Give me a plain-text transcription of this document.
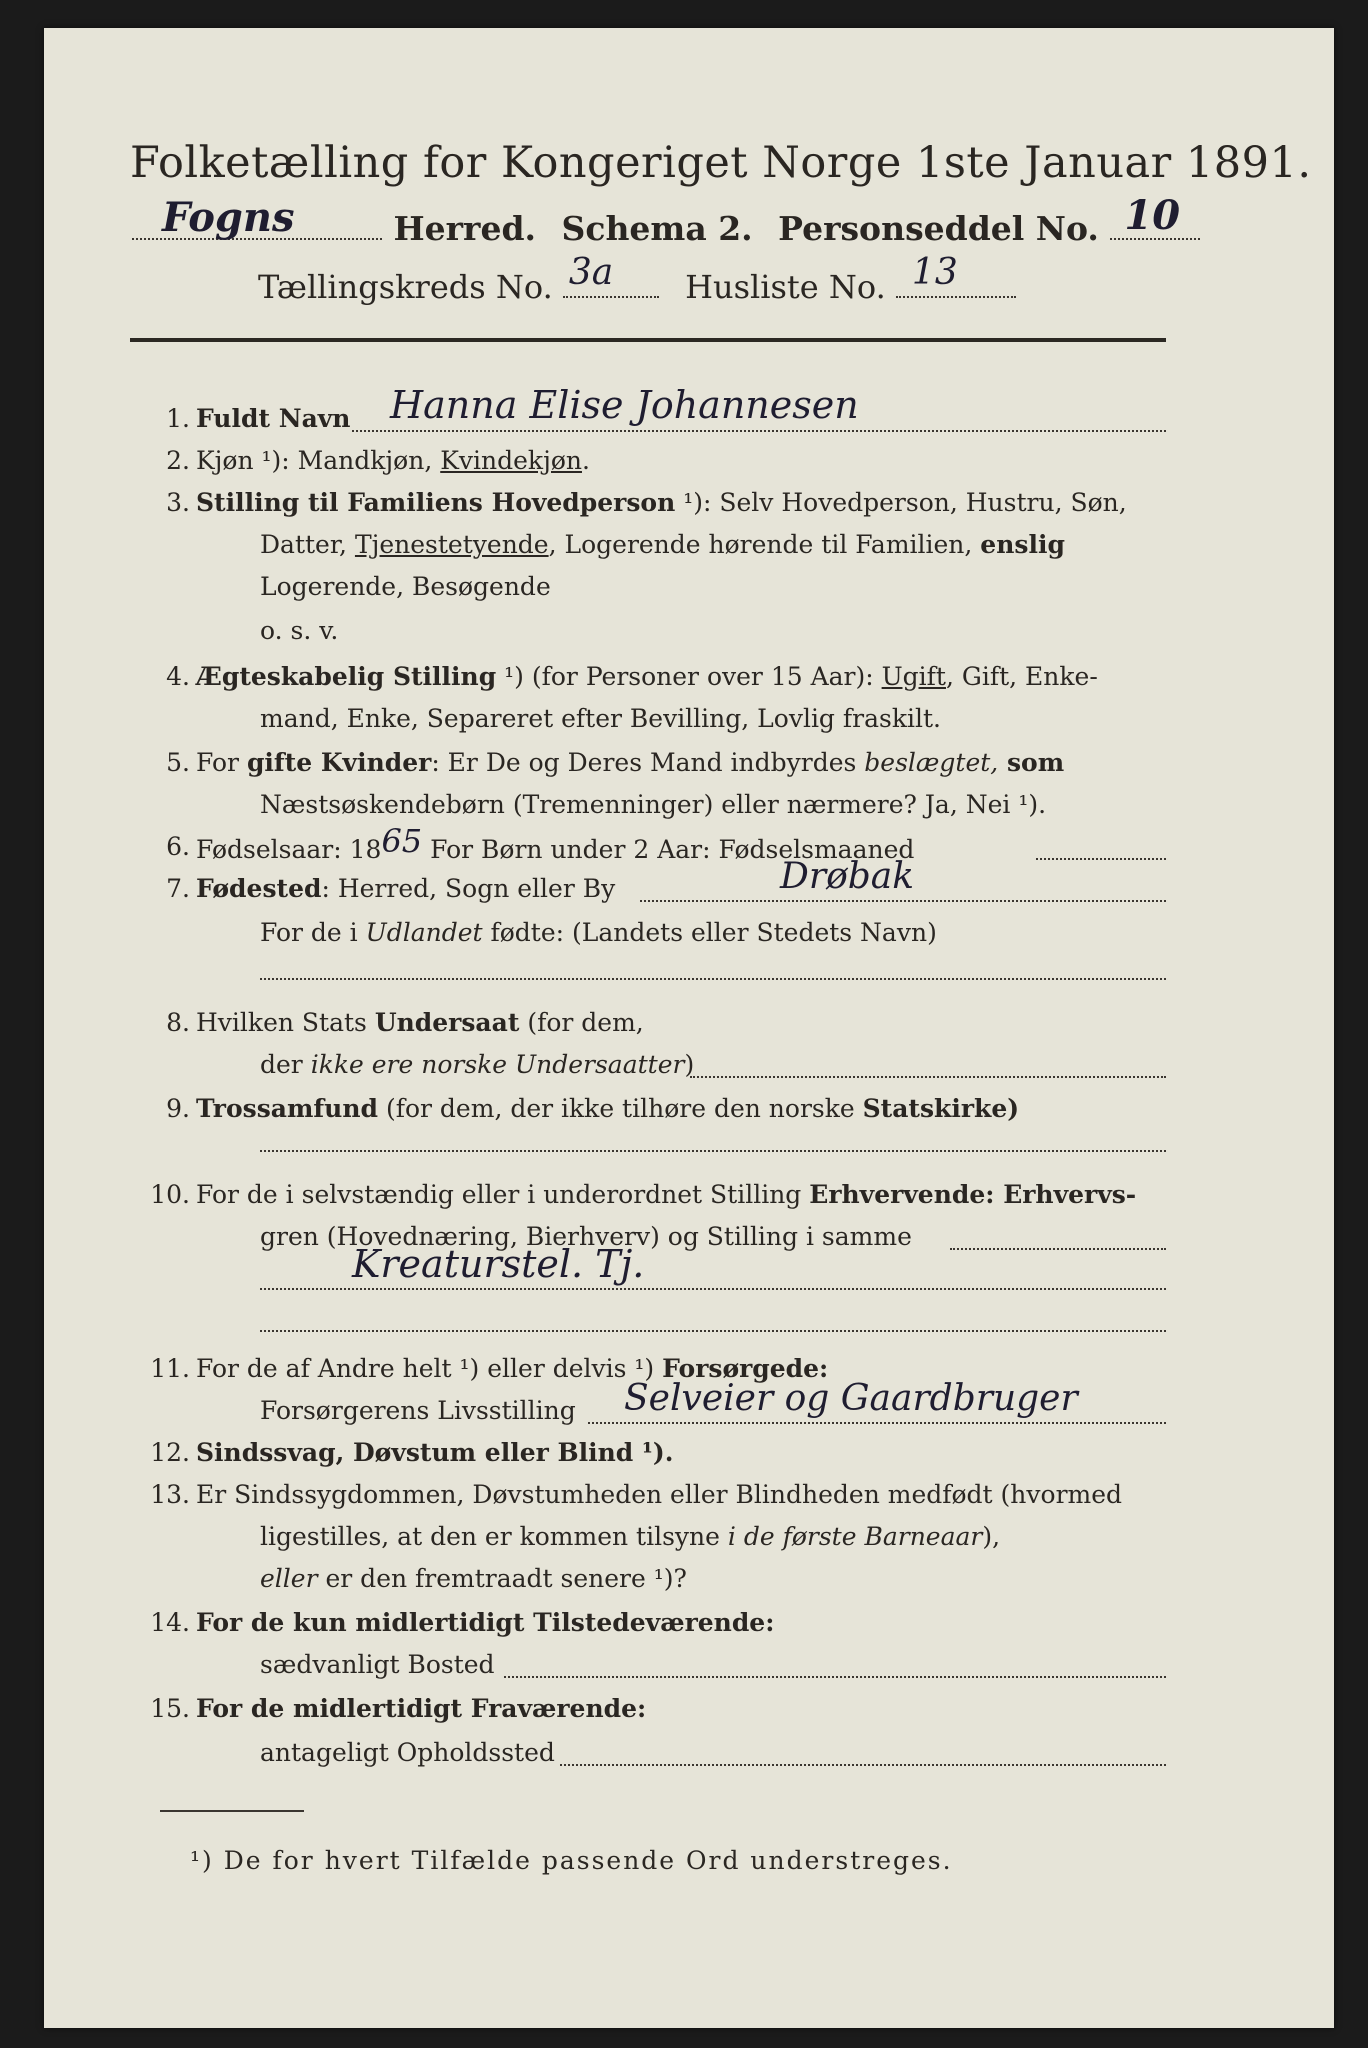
Folketælling for Kongeriget Norge 1ste Januar 1891.
Fogns	Herred. Schema 2. Personseddel No. 10
Tællingskreds No. 3a Husliste No. 13
1. Fuldt Navn Hanna Elise Johannesen
2. Kjøn ¹): Mandkjøn, Kvindekjøn.
3. Stilling til Familiens Hovedperson ¹): Selv Hovedperson, Hustru, Søn,
Datter, Tjenestetyende, Logerende hørende til Familien, enslig
Logerende, Besøgende
o. s. v.
4. Ægteskabelig Stilling ¹) (for Personer over 15 Aar): Ugift, Gift, Enke-
mand, Enke, Separeret efter Bevilling, Lovlig fraskilt.
5. For gifte Kvinder: Er De og Deres Mand indbyrdes beslægtet, som
Næstsøskendebørn (Tremenninger) eller nærmere? Ja, Nei ¹).
6. Fødselsaar: 1865 For Børn under 2 Aar: Fødselsmaaned
7. Fødested: Herred, Sogn eller By	Drøbak
For de i Udlandet fødte: (Landets eller Stedets Navn)
8. Hvilken Stats Undersaat (for dem,
der ikke ere norske Undersaatter)
9. Trossamfund (for dem, der ikke tilhøre den norske Statskirke)
10. For de i selvstændig eller i underordnet Stilling Erhvervende: Erhvervs-
gren (Hovednæring, Bierhverv) og Stilling i samme
Kreaturstel. Tj.
11. For de af Andre helt ¹) eller delvis ¹) Forsørgede:
Forsørgerens Livsstilling Selveier og Gaardbruger
12. Sindssvag, Døvstum eller Blind ¹).
13. Er Sindssygdommen, Døvstumheden eller Blindheden medfødt (hvormed
ligestilles, at den er kommen tilsyne i de første Barneaar),
eller er den fremtraadt senere ¹)?
14. For de kun midlertidigt Tilstedeværende:
sædvanligt Bosted
15. For de midlertidigt Fraværende:
antageligt Opholdssted
¹) De for hvert Tilfælde passende Ord understreges.
